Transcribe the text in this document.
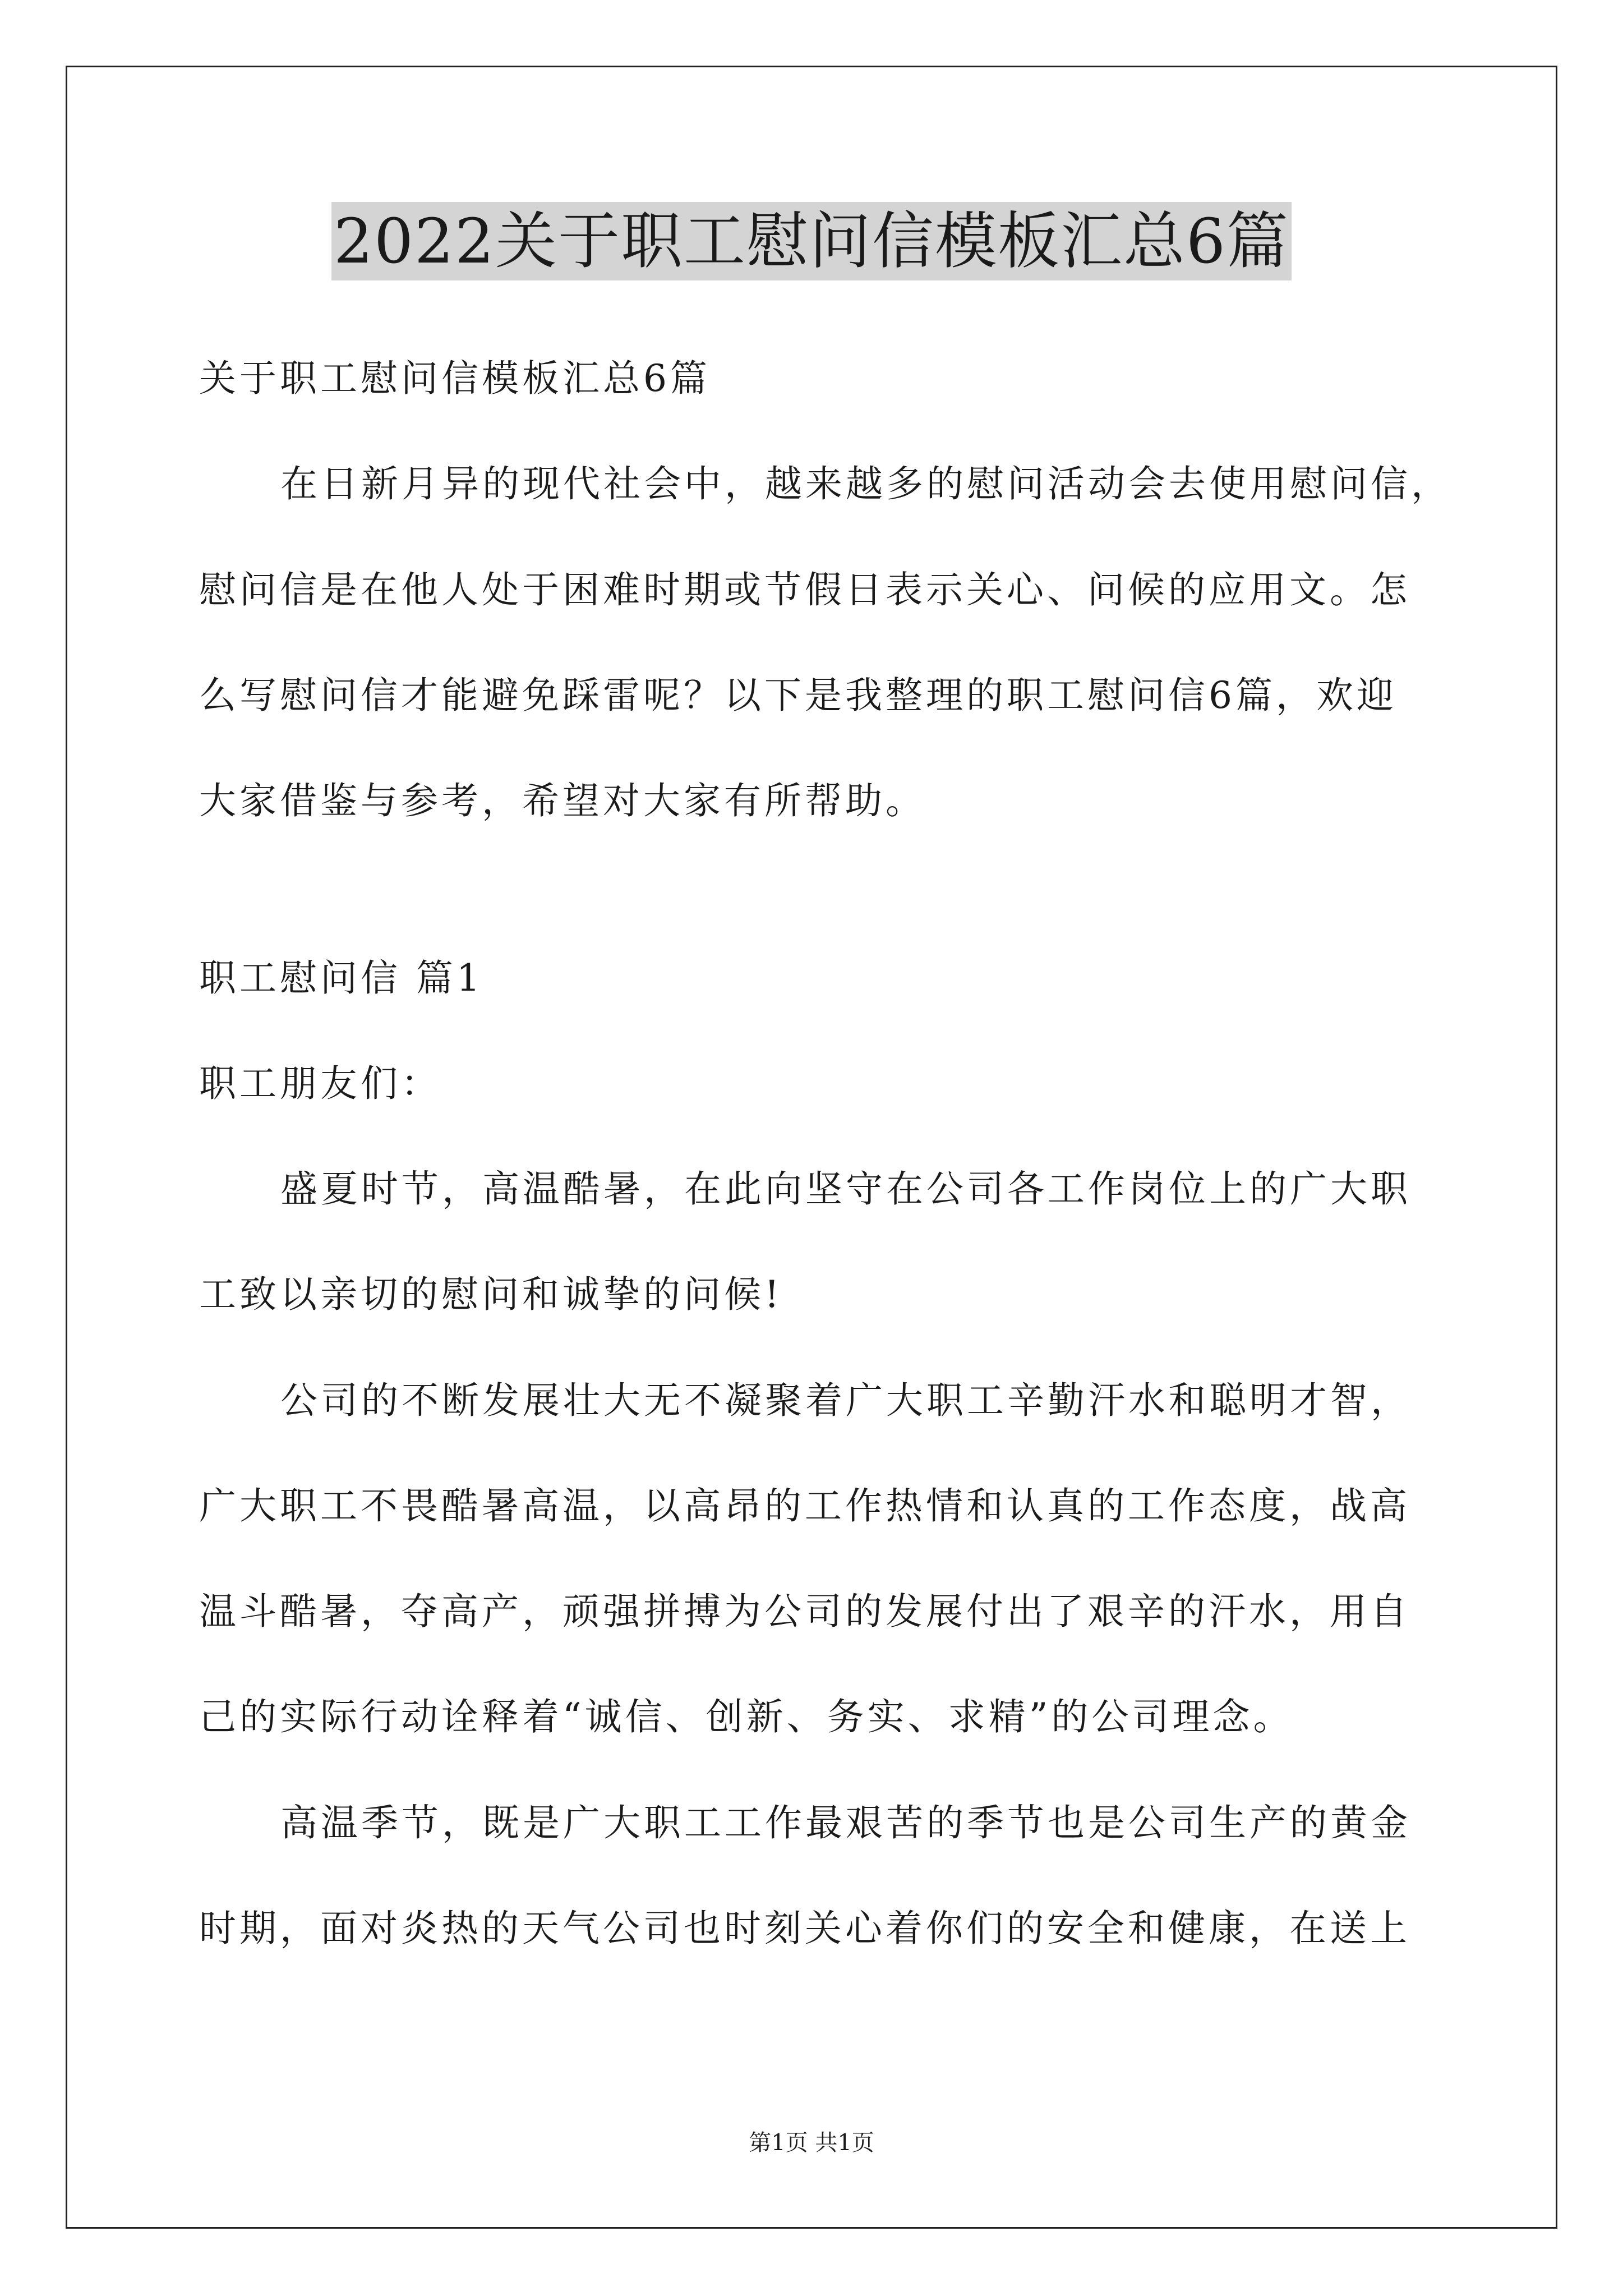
2022关于职工慰问信模板汇总6篇
关于职工慰问信模板汇总6篇
在日新月异的现代社会中，越来越多的慰问活动会去使用慰问信，
慰问信是在他人处于困难时期或节假日表示关心、问候的应用文。怎
么写慰问信才能避免踩雷呢？以下是我整理的职工慰问信6篇，欢迎
大家借鉴与参考，希望对大家有所帮助。
职工慰问信 篇1
职工朋友们：
盛夏时节，高温酷暑，在此向坚守在公司各工作岗位上的广大职
工致以亲切的慰问和诚挚的问候!
公司的不断发展壮大无不凝聚着广大职工辛勤汗水和聪明才智，
广大职工不畏酷暑高温，以高昂的工作热情和认真的工作态度，战高
温斗酷暑，夺高产，顽强拼搏为公司的发展付出了艰辛的汗水，用自
己的实际行动诠释着“诚信、创新、务实、求精”的公司理念。
高温季节，既是广大职工工作最艰苦的季节也是公司生产的黄金
时期，面对炎热的天气公司也时刻关心着你们的安全和健康，在送上
第1页 共1页
